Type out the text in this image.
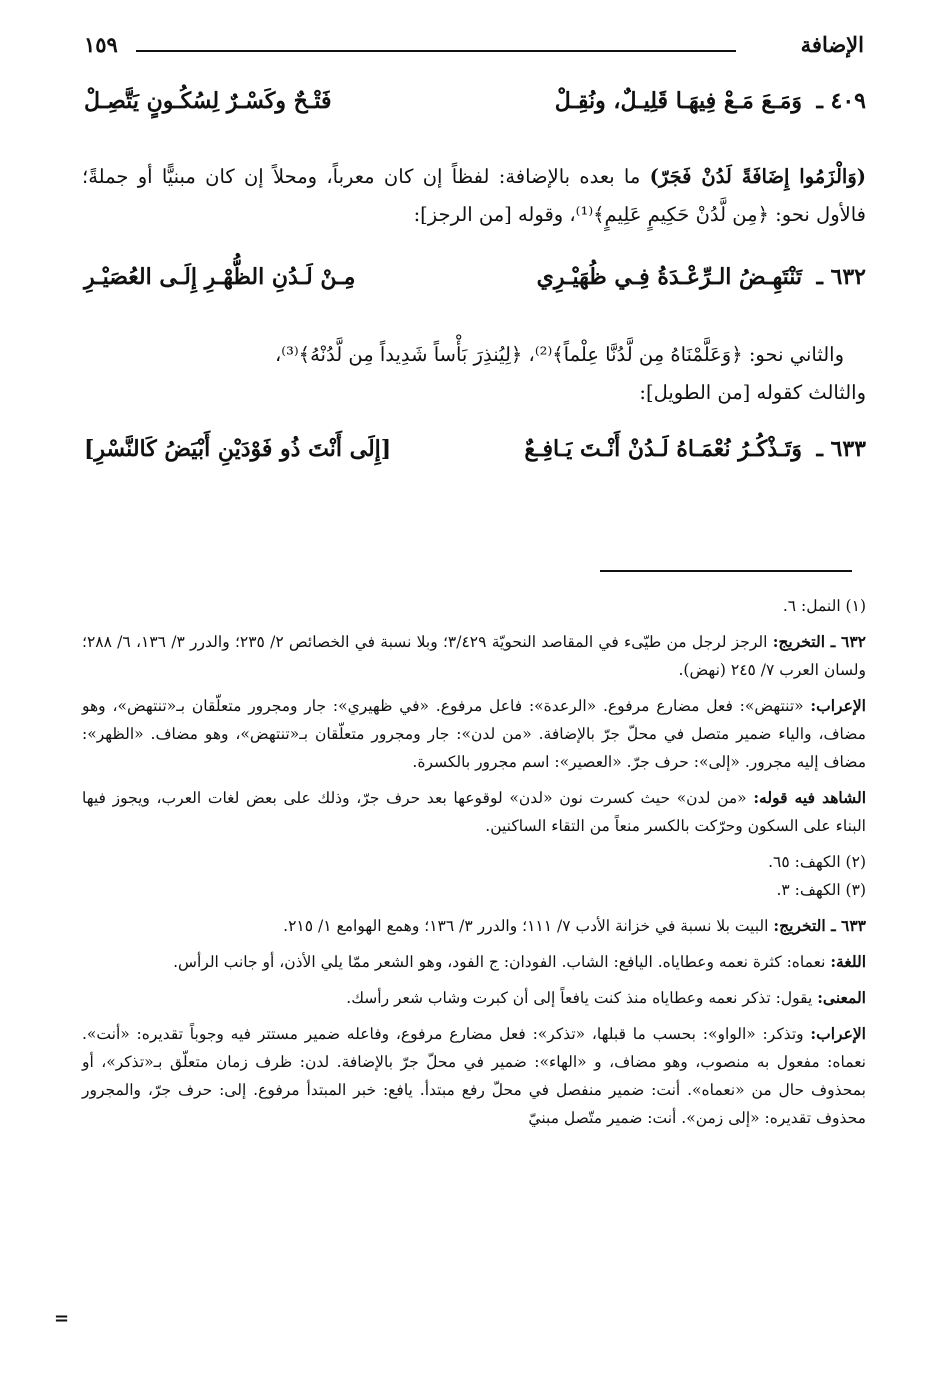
الإضافة
١٥٩
٤٠٩ ـ
وَمَـعَ مَـعْ فِيهَـا قَلِيـلٌ، ونُقِـلْ
فَتْـحٌ وكَسْـرٌ لِسُكُـونٍ يَتَّصِـلْ

(وَالْزَمُوا إِضَافَةً لَدُنْ فَجَرّ) ما بعده بالإضافة: لفظاً إن كان معرباً، ومحلاً إن كان مبنيًّا أو جملةً؛ فالأول نحو: ﴿مِن لَّدُنْ حَكِيمٍ عَلِيمٍ﴾⁽¹⁾، وقوله [من الرجز]:

٦٣٢ ـ
تَنْتَهِـضُ الـرِّعْـدَةُ فِـي ظُهَيْـرِي
مِـنْ لَـدُنِ الظُّهْـرِ إِلَـى العُصَيْـرِ

والثاني نحو: ﴿وَعَلَّمْنَاهُ مِن لَّدُنَّا عِلْماً﴾⁽²⁾، ﴿لِيُنذِرَ بَأْساً شَدِيداً مِن لَّدُنْهُ﴾⁽³⁾،

والثالث كقوله [من الطويل]:

٦٣٣ ـ
وَتَـذْكُـرُ نُعْمَـاهُ لَـدُنْ أَنْـتَ يَـافِـعٌ
[إِلَى أَنْتَ ذُو فَوْدَيْنِ أَبْيَضُ كَالنَّسْرِ]

(١) النمل: ٦.

٦٣٢ ـ التخريج: الرجز لرجل من طيّىء في المقاصد النحويّة ٣/٤٢٩؛ وبلا نسبة في الخصائص ٢/ ٢٣٥؛ والدرر ٣/ ١٣٦، ٦/ ٢٨٨؛ ولسان العرب ٧/ ٢٤٥ (نهض).

الإعراب: «تنتهض»: فعل مضارع مرفوع. «الرعدة»: فاعل مرفوع. «في ظهيري»: جار ومجرور متعلّقان بـ«تنتهض»، وهو مضاف، والياء ضمير متصل في محلّ جرّ بالإضافة. «من لدن»: جار ومجرور متعلّقان بـ«تنتهض»، وهو مضاف. «الظهر»: مضاف إليه مجرور. «إلى»: حرف جرّ. «العصير»: اسم مجرور بالكسرة.

الشاهد فيه قوله: «من لدن» حيث كسرت نون «لدن» لوقوعها بعد حرف جرّ، وذلك على بعض لغات العرب، ويجوز فيها البناء على السكون وحرّكت بالكسر منعاً من التقاء الساكنين.

(٢) الكهف: ٦٥.

(٣) الكهف: ٣.

٦٣٣ ـ التخريج: البيت بلا نسبة في خزانة الأدب ٧/ ١١١؛ والدرر ٣/ ١٣٦؛ وهمع الهوامع ١/ ٢١٥.

اللغة: نعماه: كثرة نعمه وعطاياه. اليافع: الشاب. الفودان: ج الفود، وهو الشعر ممّا يلي الأذن، أو جانب الرأس.

المعنى: يقول: تذكر نعمه وعطاياه منذ كنت يافعاً إلى أن كبرت وشاب شعر رأسك.

الإعراب: وتذكر: «الواو»: بحسب ما قبلها، «تذكر»: فعل مضارع مرفوع، وفاعله ضمير مستتر فيه وجوباً تقديره: «أنت». نعماه: مفعول به منصوب، وهو مضاف، و «الهاء»: ضمير في محلّ جرّ بالإضافة. لدن: ظرف زمان متعلّق بـ«تذكر»، أو بمحذوف حال من «نعماه». أنت: ضمير منفصل في محلّ رفع مبتدأ. يافع: خبر المبتدأ مرفوع. إلى: حرف جرّ، والمجرور محذوف تقديره: «إلى زمن». أنت: ضمير متّصل مبنيّ

=
